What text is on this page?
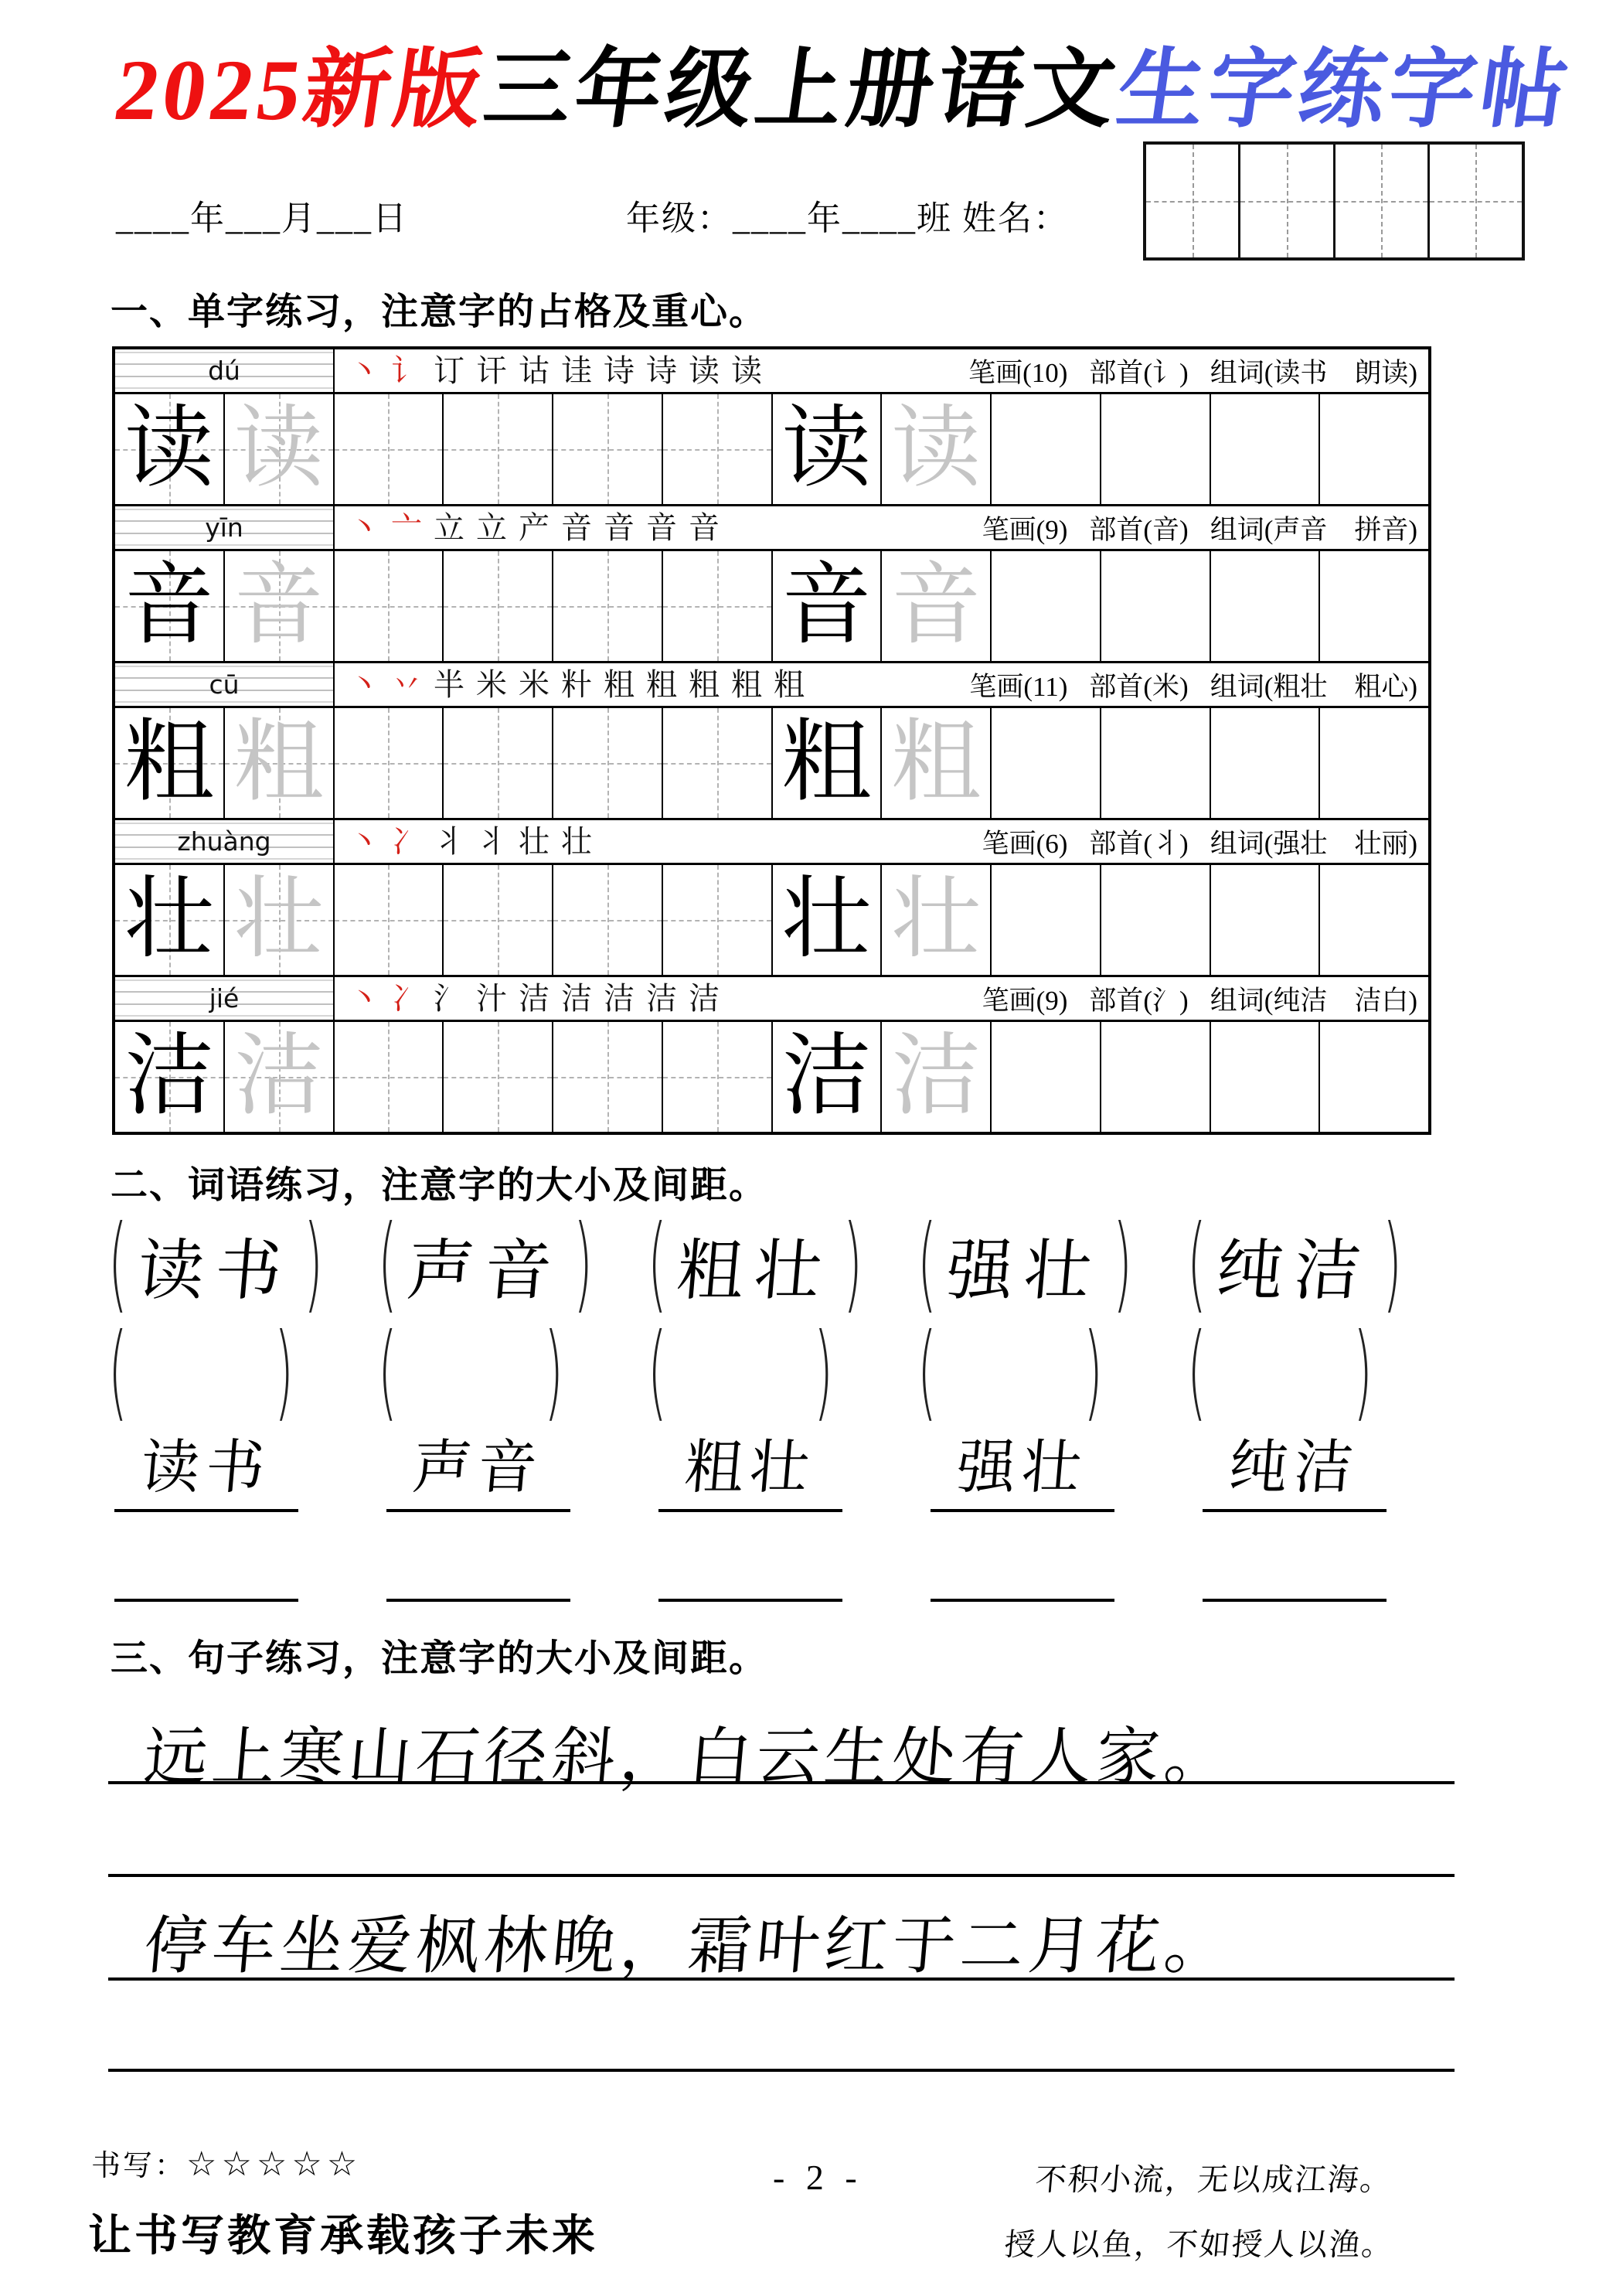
2025新版三年级上册语文生字练字帖
____年___月___日	年级：____年____班 姓名：
一、单字练习，注意字的占格及重心。
dú	丶 讠 订 讦 诂 诖 诗 诗 读 读	笔画(10) 部首(讠) 组词(读书　朗读)
读 读	读 读
yīn	丶 亠 立 立 产 音 音 音 音	笔画(9) 部首(音) 组词(声音　拼音)
音 音	音 音
cū	丶 丷 半 米 米 籵 粗 粗 粗 粗 粗	笔画(11) 部首(米) 组词(粗壮　粗心)
粗 粗	粗 粗
zhuàng	丶 冫 丬 丬 壮 壮	笔画(6) 部首(丬) 组词(强壮　壮丽)
壮 壮	壮 壮
jié	丶 冫 氵 汁 洁 洁 洁 洁 洁	笔画(9) 部首(氵) 组词(纯洁　洁白)
洁 洁	洁 洁
二、词语练习，注意字的大小及间距。
( 读书 ) ( 声音 ) ( 粗壮 ) ( 强壮 ) ( 纯洁 )
(	) (	) (	) (	) (	)
读书	声音	粗壮	强壮	纯洁
三、句子练习，注意字的大小及间距。
远上寒山石径斜，白云生处有人家。
停车坐爱枫林晚，霜叶红于二月花。
书写：☆☆☆☆☆
让书写教育承载孩子未来
- 2 -	不积小流，无以成江海。
授人以鱼，不如授人以渔。
